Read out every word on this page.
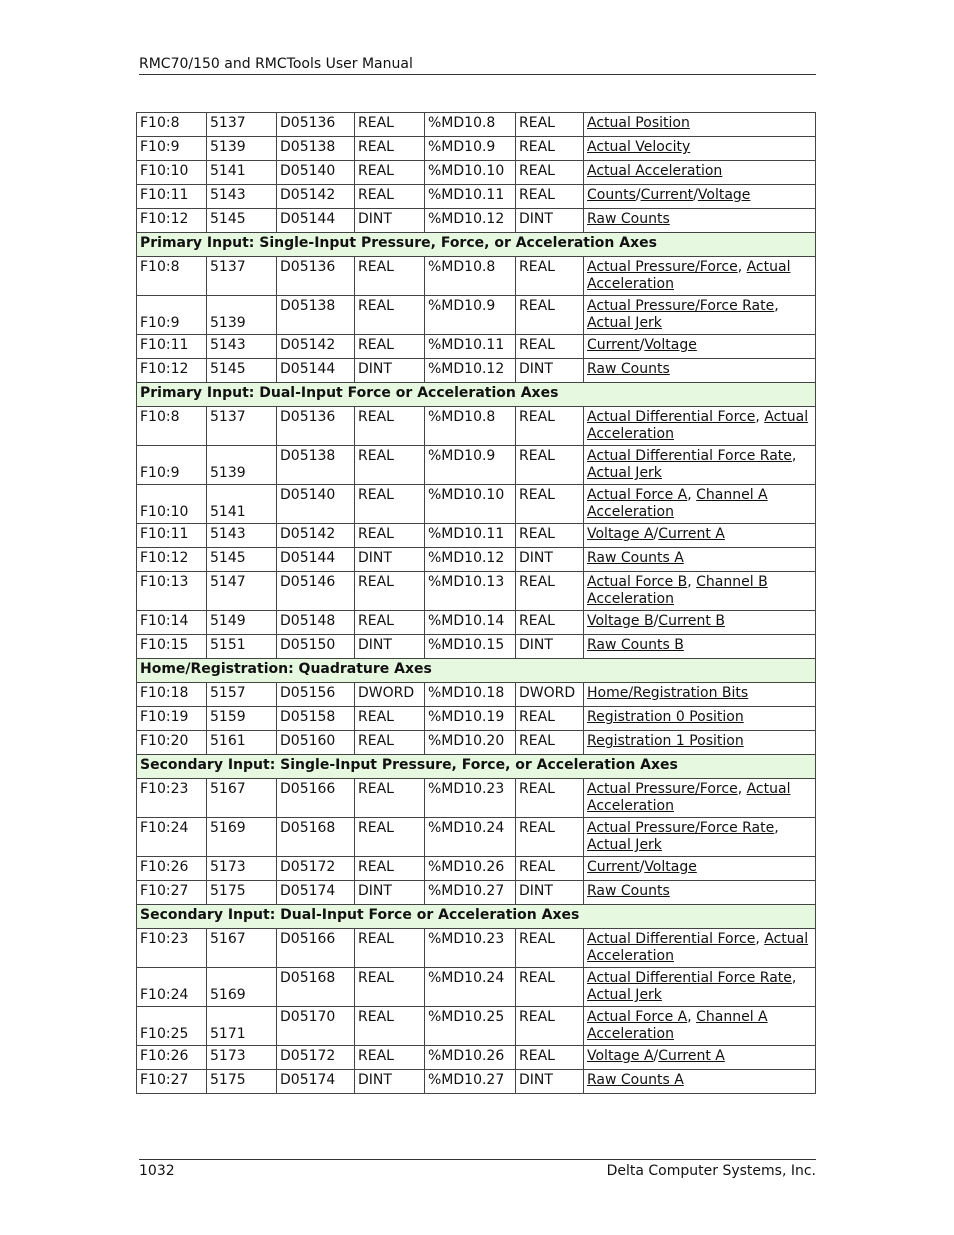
RMC70/150 and RMCTools User Manual
F10:8	5137	D05136	REAL	%MD10.8	REAL	Actual Position
F10:9	5139	D05138	REAL	%MD10.9	REAL	Actual Velocity
F10:10	5141	D05140	REAL	%MD10.10	REAL	Actual Acceleration
F10:11	5143	D05142	REAL	%MD10.11	REAL	Counts/Current/Voltage
F10:12	5145	D05144	DINT	%MD10.12	DINT	Raw Counts
Primary Input: Single-Input Pressure, Force, or Acceleration Axes						
F10:8	5137	D05136	REAL	%MD10.8	REAL	Actual Pressure/Force, Actual Acceleration
F10:9	5139	D05138	REAL	%MD10.9	REAL	Actual Pressure/Force Rate, Actual Jerk
F10:11	5143	D05142	REAL	%MD10.11	REAL	Current/Voltage
F10:12	5145	D05144	DINT	%MD10.12	DINT	Raw Counts
Primary Input: Dual-Input Force or Acceleration Axes						
F10:8	5137	D05136	REAL	%MD10.8	REAL	Actual Differential Force, Actual Acceleration
F10:9	5139	D05138	REAL	%MD10.9	REAL	Actual Differential Force Rate, Actual Jerk
F10:10	5141	D05140	REAL	%MD10.10	REAL	Actual Force A, Channel A Acceleration
F10:11	5143	D05142	REAL	%MD10.11	REAL	Voltage A/Current A
F10:12	5145	D05144	DINT	%MD10.12	DINT	Raw Counts A
F10:13	5147	D05146	REAL	%MD10.13	REAL	Actual Force B, Channel B Acceleration
F10:14	5149	D05148	REAL	%MD10.14	REAL	Voltage B/Current B
F10:15	5151	D05150	DINT	%MD10.15	DINT	Raw Counts B
Home/Registration: Quadrature Axes						
F10:18	5157	D05156	DWORD	%MD10.18	DWORD	Home/Registration Bits
F10:19	5159	D05158	REAL	%MD10.19	REAL	Registration 0 Position
F10:20	5161	D05160	REAL	%MD10.20	REAL	Registration 1 Position
Secondary Input: Single-Input Pressure, Force, or Acceleration Axes						
F10:23	5167	D05166	REAL	%MD10.23	REAL	Actual Pressure/Force, Actual Acceleration
F10:24	5169	D05168	REAL	%MD10.24	REAL	Actual Pressure/Force Rate, Actual Jerk
F10:26	5173	D05172	REAL	%MD10.26	REAL	Current/Voltage
F10:27	5175	D05174	DINT	%MD10.27	DINT	Raw Counts
Secondary Input: Dual-Input Force or Acceleration Axes						
F10:23	5167	D05166	REAL	%MD10.23	REAL	Actual Differential Force, Actual Acceleration
F10:24	5169	D05168	REAL	%MD10.24	REAL	Actual Differential Force Rate, Actual Jerk
F10:25	5171	D05170	REAL	%MD10.25	REAL	Actual Force A, Channel A Acceleration
F10:26	5173	D05172	REAL	%MD10.26	REAL	Voltage A/Current A
F10:27	5175	D05174	DINT	%MD10.27	DINT	Raw Counts A
1032	Delta Computer Systems, Inc.
